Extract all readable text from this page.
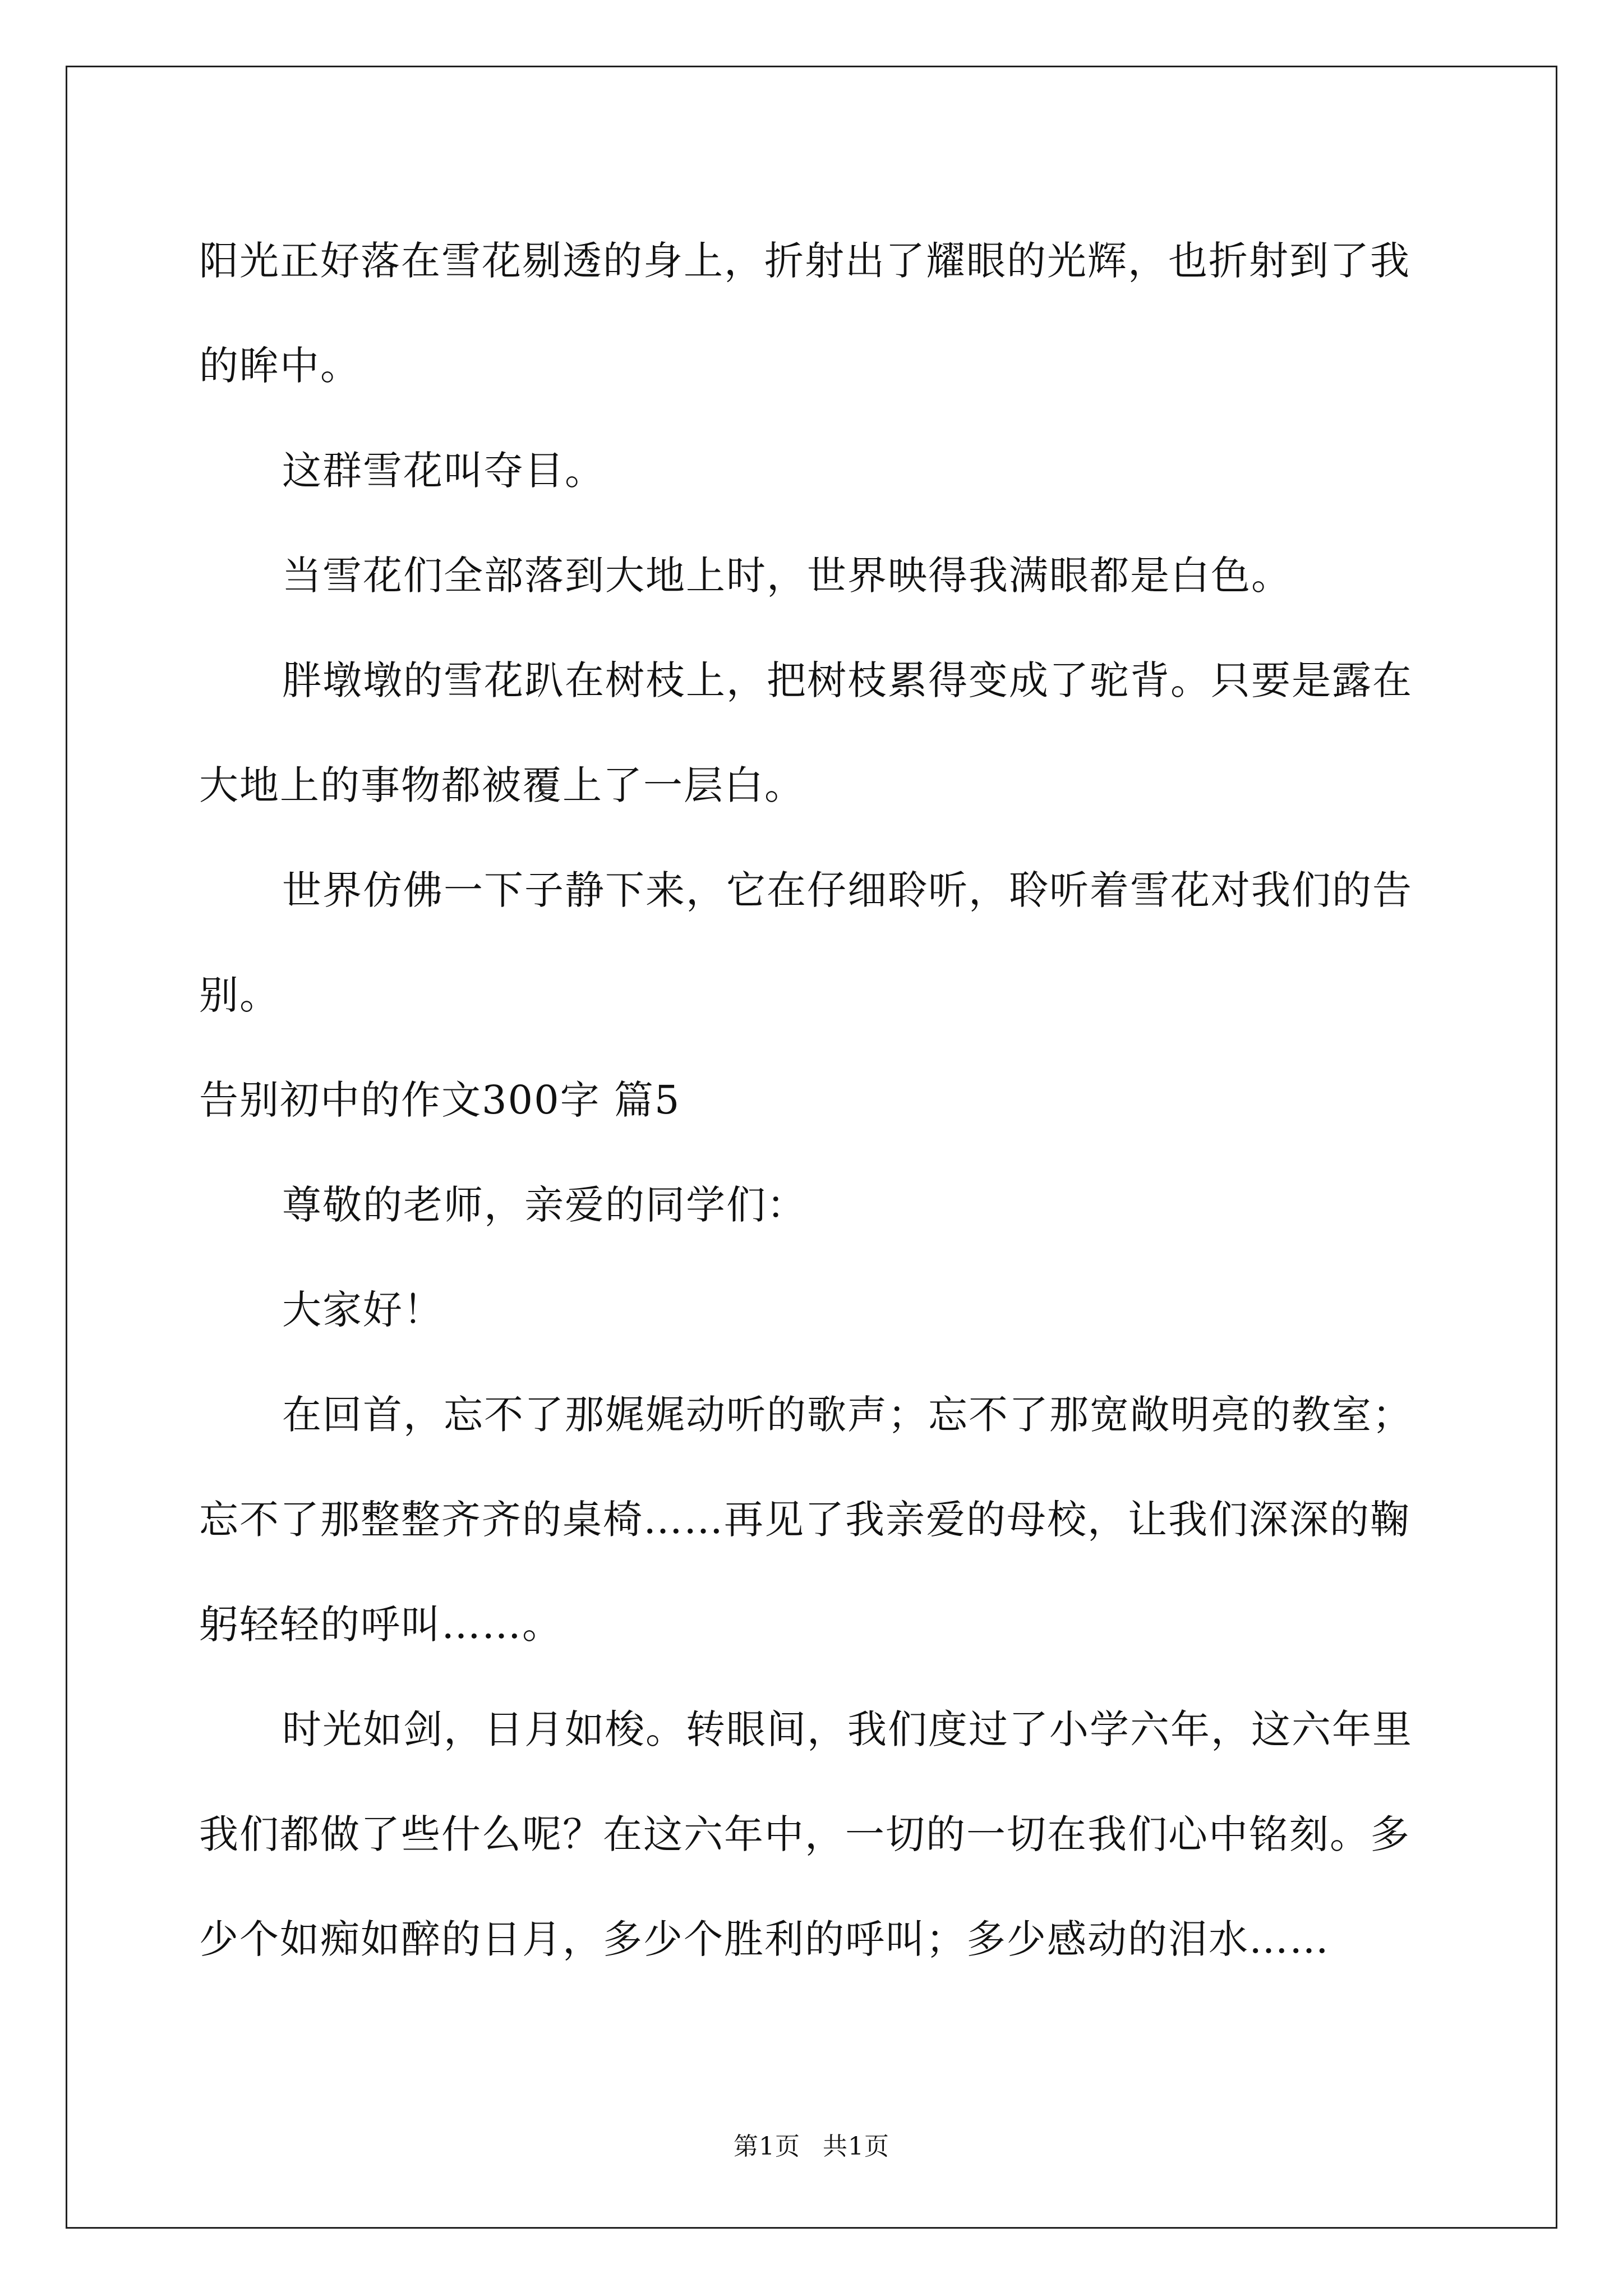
阳光正好落在雪花剔透的身上，折射出了耀眼的光辉，也折射到了我的眸中。

这群雪花叫夺目。

当雪花们全部落到大地上时，世界映得我满眼都是白色。

胖墩墩的雪花趴在树枝上，把树枝累得变成了驼背。只要是露在大地上的事物都被覆上了一层白。

世界仿佛一下子静下来，它在仔细聆听，聆听着雪花对我们的告别。

告别初中的作文300字 篇5

尊敬的老师，亲爱的同学们：

大家好！

在回首，忘不了那娓娓动听的歌声；忘不了那宽敞明亮的教室；忘不了那整整齐齐的桌椅……再见了我亲爱的母校，让我们深深的鞠躬轻轻的呼叫……。

时光如剑，日月如梭。转眼间，我们度过了小学六年，这六年里我们都做了些什么呢？在这六年中，一切的一切在我们心中铭刻。多少个如痴如醉的日月，多少个胜利的呼叫；多少感动的泪水……

第1页 共1页
